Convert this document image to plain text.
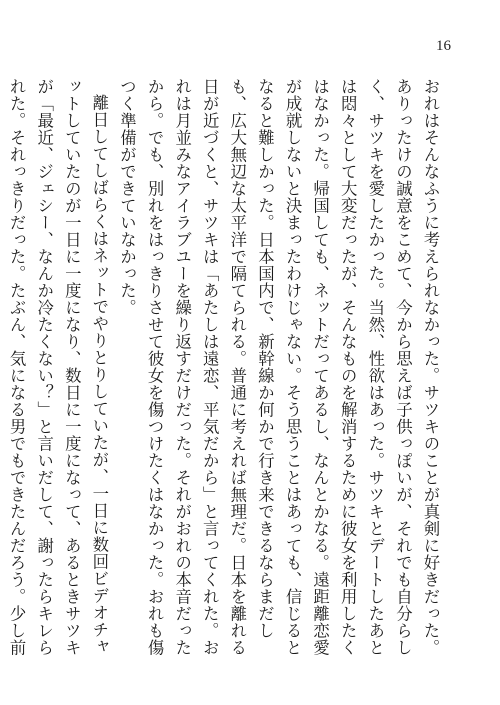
16

おれはそんなふうに考えられなかった。サツキのことが真剣に好きだった。ありったけの誠意をこめて、今から思えば子供っぽいが、それでも自分らしく、サツキを愛したかった。当然、性欲はあった。サツキとデートしたあとは悶々として大変だったが、そんなものを解消するために彼女を利用したくはなかった。帰国しても、ネットだってあるし、なんとかなる。遠距離恋愛が成就しないと決まったわけじゃない。そう思うことはあっても、信じるとなると難しかった。日本国内で、新幹線か何かで行き来できるならまだしも、広大無辺な太平洋で隔てられる。普通に考えれば無理だ。日本を離れる日が近づくと、サツキは「あたしは遠恋、平気だから」と言ってくれた。おれは月並みなアイラブユーを繰り返すだけだった。それがおれの本音だったから。でも、別れをはっきりさせて彼女を傷つけたくはなかった。おれも傷つく準備ができていなかった。

離日してしばらくはネットでやりとりしていたが、一日に数回ビデオチャットしていたのが一日に一度になり、数日に一度になって、あるときサツキが「最近、ジェシー、なんか冷たくない？」と言いだして、謝ったらキレられた。それっきりだった。たぶん、気になる男でもできたんだろう。少し前
